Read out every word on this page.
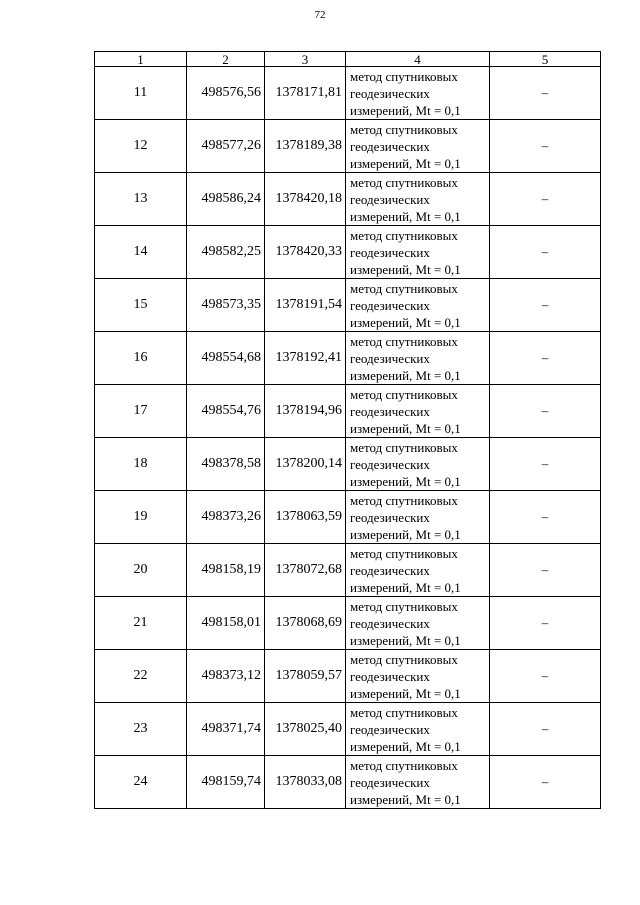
72
1	2	3	4	5
11	498576,56	1378171,81	метод спутниковых
геодезических
измерений, Mt = 0,1	–
12	498577,26	1378189,38	метод спутниковых
геодезических
измерений, Mt = 0,1	–
13	498586,24	1378420,18	метод спутниковых
геодезических
измерений, Mt = 0,1	–
14	498582,25	1378420,33	метод спутниковых
геодезических
измерений, Mt = 0,1	–
15	498573,35	1378191,54	метод спутниковых
геодезических
измерений, Mt = 0,1	–
16	498554,68	1378192,41	метод спутниковых
геодезических
измерений, Mt = 0,1	–
17	498554,76	1378194,96	метод спутниковых
геодезических
измерений, Mt = 0,1	–
18	498378,58	1378200,14	метод спутниковых
геодезических
измерений, Mt = 0,1	–
19	498373,26	1378063,59	метод спутниковых
геодезических
измерений, Mt = 0,1	–
20	498158,19	1378072,68	метод спутниковых
геодезических
измерений, Mt = 0,1	–
21	498158,01	1378068,69	метод спутниковых
геодезических
измерений, Mt = 0,1	–
22	498373,12	1378059,57	метод спутниковых
геодезических
измерений, Mt = 0,1	–
23	498371,74	1378025,40	метод спутниковых
геодезических
измерений, Mt = 0,1	–
24	498159,74	1378033,08	метод спутниковых
геодезических
измерений, Mt = 0,1	–
